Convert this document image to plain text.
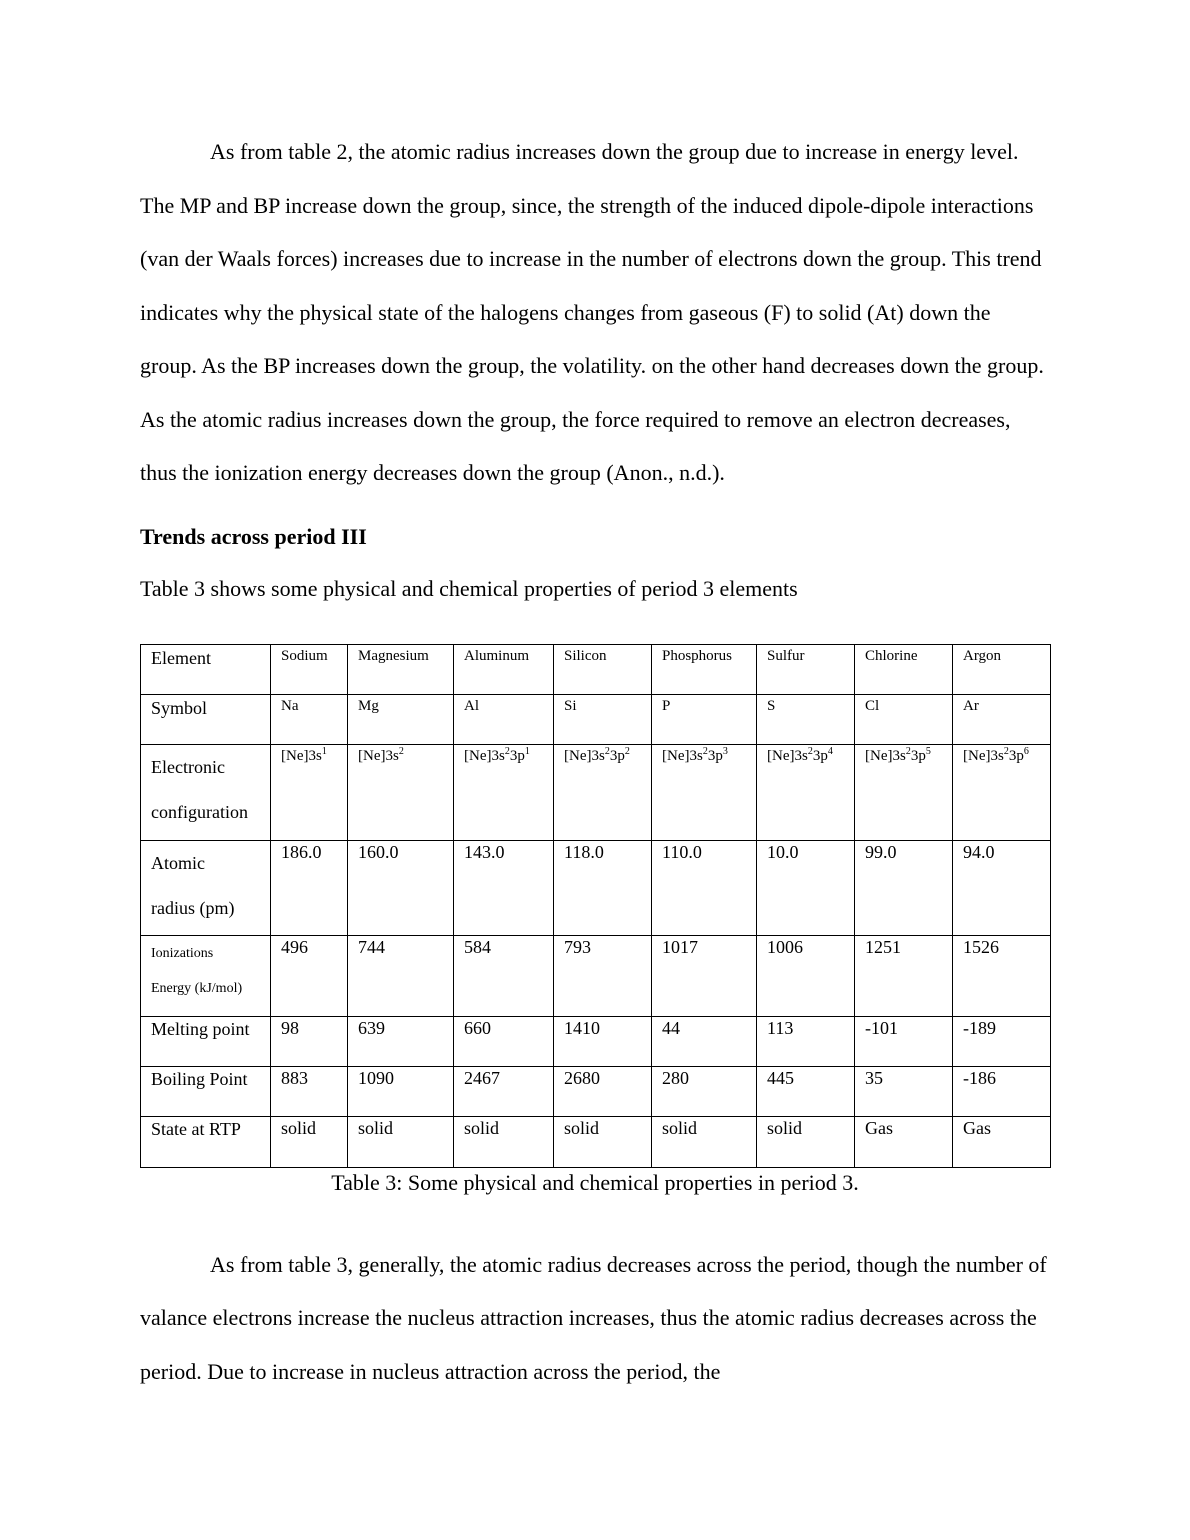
As from table 2, the atomic radius increases down the group due to increase in energy level. The MP and BP increase down the group, since, the strength of the induced dipole-dipole interactions (van der Waals forces) increases due to increase in the number of electrons down the group. This trend indicates why the physical state of the halogens changes from gaseous (F) to solid (At) down the group. As the BP increases down the group, the volatility. on the other hand decreases down the group. As the atomic radius increases down the group, the force required to remove an electron decreases, thus the ionization energy decreases down the group (Anon., n.d.).

Trends across period III

Table 3 shows some physical and chemical properties of period 3 elements

Element	Sodium	Magnesium	Aluminum	Silicon	Phosphorus	Sulfur	Chlorine	Argon
Symbol	Na	Mg	Al	Si	P	S	Cl	Ar
Electronic
configuration	$[Ne]3s^1$	$[Ne]3s^2$	$[Ne]3s^23p^1$	$[Ne]3s^23p^2$	$[Ne]3s^23p^3$	$[Ne]3s^23p^4$	$[Ne]3s^23p^5$	$[Ne]3s^23p^6$
Atomic
radius (pm)	186.0	160.0	143.0	118.0	110.0	10.0	99.0	94.0
Ionizations
Energy (kJ/mol)	496	744	584	793	1017	1006	1251	1526
Melting point	98	639	660	1410	44	113	-101	-189
Boiling Point	883	1090	2467	2680	280	445	35	-186
State at RTP	solid	solid	solid	solid	solid	solid	Gas	Gas

Table 3: Some physical and chemical properties in period 3.

As from table 3, generally, the atomic radius decreases across the period, though the number of valance electrons increase the nucleus attraction increases, thus the atomic radius decreases across the period. Due to increase in nucleus attraction across the period, the
